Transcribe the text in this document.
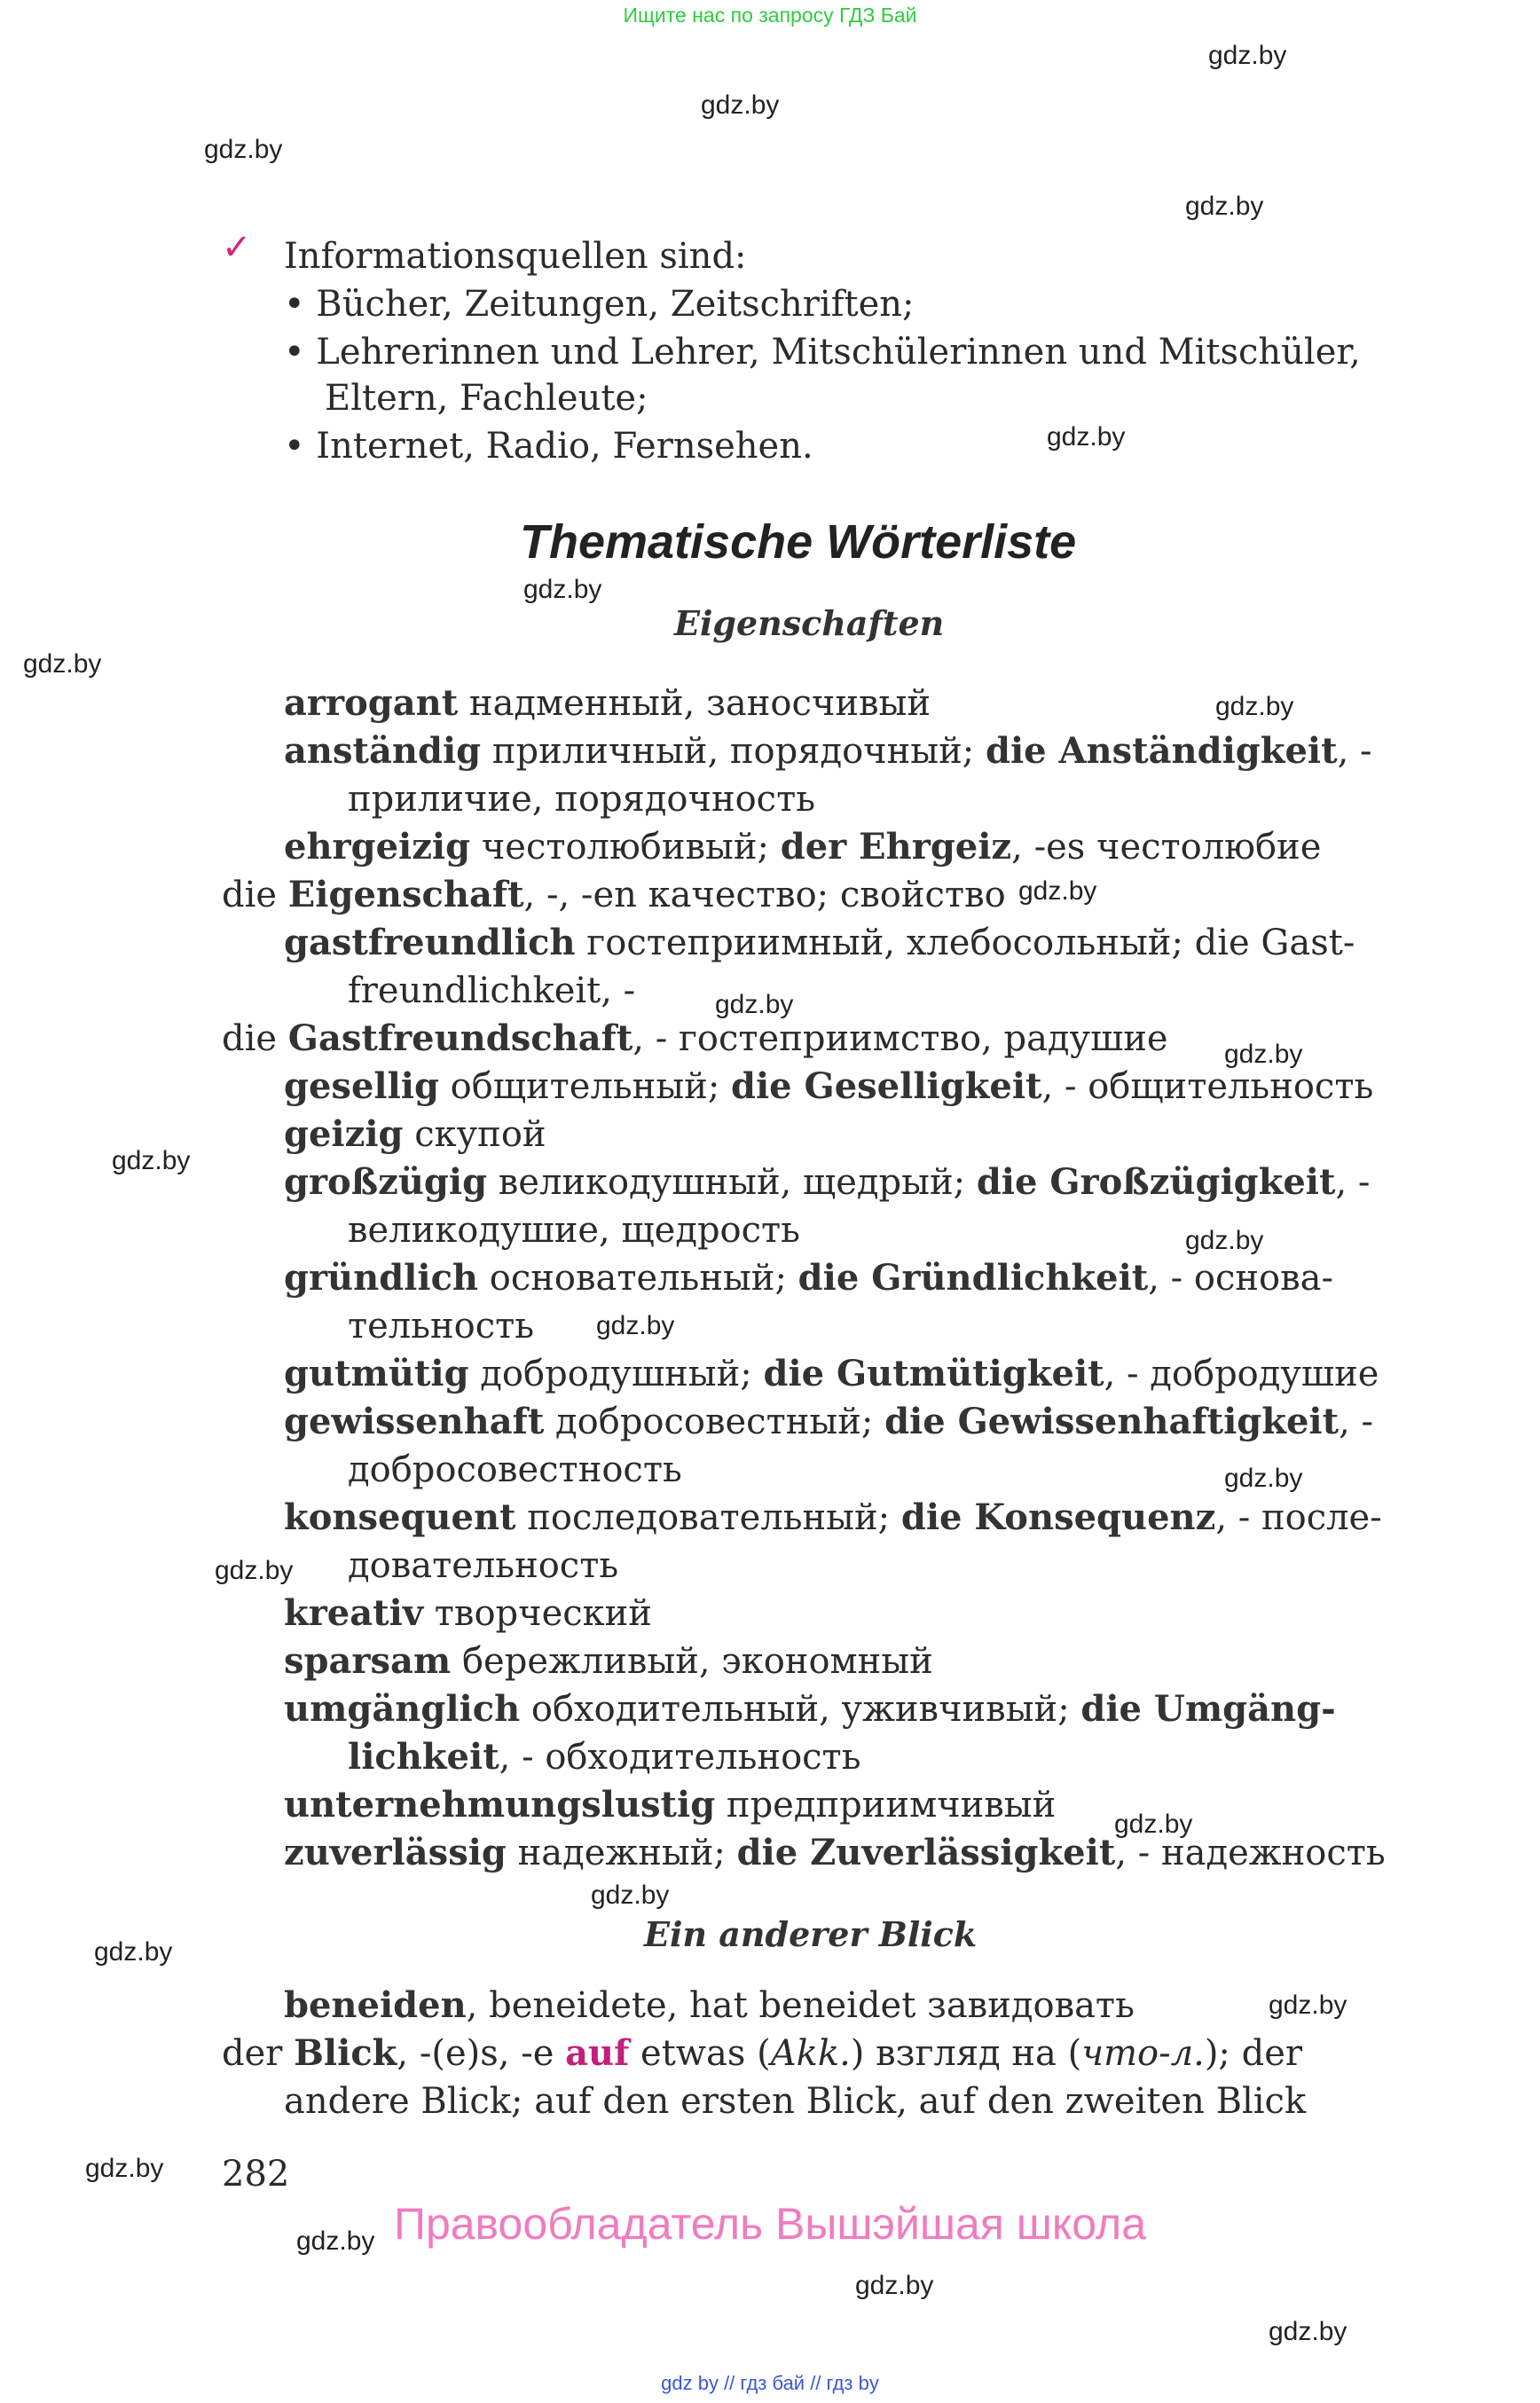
Ищите нас по запросу ГДЗ Бай
gdz.by
gdz.by
gdz.by
gdz.by
gdz.by
gdz.by
gdz.by
gdz.by
gdz.by
gdz.by
gdz.by
gdz.by
gdz.by
gdz.by
gdz.by
gdz.by
gdz.by
gdz.by
gdz.by
gdz.by
gdz.by
gdz.by
gdz.by
gdz.by
✓ Informationsquellen sind:
• Bücher, Zeitungen, Zeitschriften;
• Lehrerinnen und Lehrer, Mitschülerinnen und Mitschüler,
Eltern, Fachleute;
• Internet, Radio, Fernsehen.
Thematische Wörterliste
Eigenschaften
arrogant надменный, заносчивый
anständig приличный, порядочный; die Anständigkeit, -
приличие, порядочность
ehrgeizig честолюбивый; der Ehrgeiz, -es честолюбие
die Eigenschaft, -, -en качество; свойство
gastfreundlich гостеприимный, хлебосольный; die Gast-
freundlichkeit, -
die Gastfreundschaft, - гостеприимство, радушие
gesellig общительный; die Geselligkeit, - общительность
geizig скупой
großzügig великодушный, щедрый; die Großzügigkeit, -
великодушие, щедрость
gründlich основательный; die Gründlichkeit, - основа-
тельность
gutmütig добродушный; die Gutmütigkeit, - добродушие
gewissenhaft добросовестный; die Gewissenhaftigkeit, -
добросовестность
konsequent последовательный; die Konsequenz, - после-
довательность
kreativ творческий
sparsam бережливый, экономный
umgänglich обходительный, уживчивый; die Umgäng-
lichkeit, - обходительность
unternehmungslustig предприимчивый
zuverlässig надежный; die Zuverlässigkeit, - надежность
Ein anderer Blick
beneiden, beneidete, hat beneidet завидовать
der Blick, -(e)s, -e auf etwas (Akk.) взгляд на (что-л.); der
andere Blick; auf den ersten Blick, auf den zweiten Blick
282
Правообладатель Вышэйшая школа
gdz by // гдз бай // гдз by
